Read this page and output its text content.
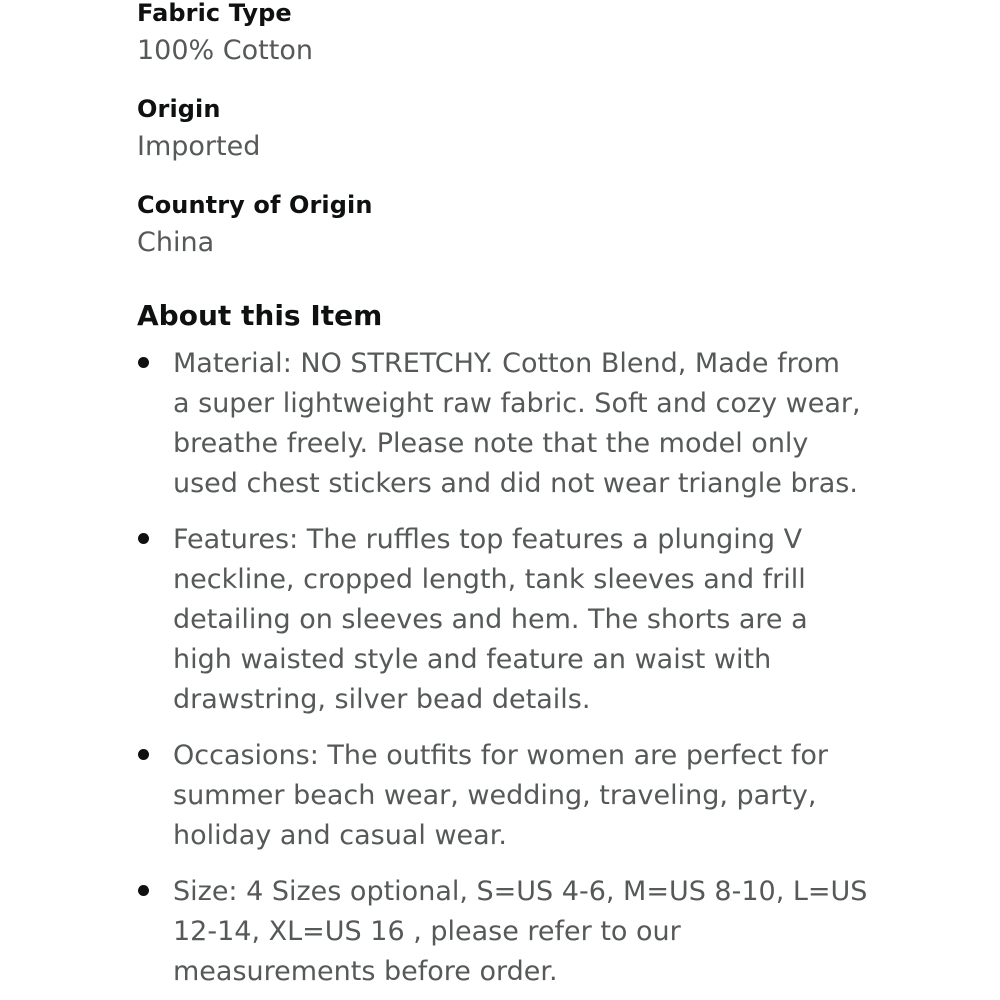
Fabric Type
100% Cotton
Origin
Imported
Country of Origin
China
About this Item
Material: NO STRETCHY. Cotton Blend, Made from
a super lightweight raw fabric. Soft and cozy wear,
breathe freely. Please note that the model only
used chest stickers and did not wear triangle bras.
Features: The ruffles top features a plunging V
neckline, cropped length, tank sleeves and frill
detailing on sleeves and hem. The shorts are a
high waisted style and feature an waist with
drawstring, silver bead details.
Occasions: The outfits for women are perfect for
summer beach wear, wedding, traveling, party,
holiday and casual wear.
Size: 4 Sizes optional, S=US 4-6, M=US 8-10, L=US
12-14, XL=US 16 , please refer to our
measurements before order.
